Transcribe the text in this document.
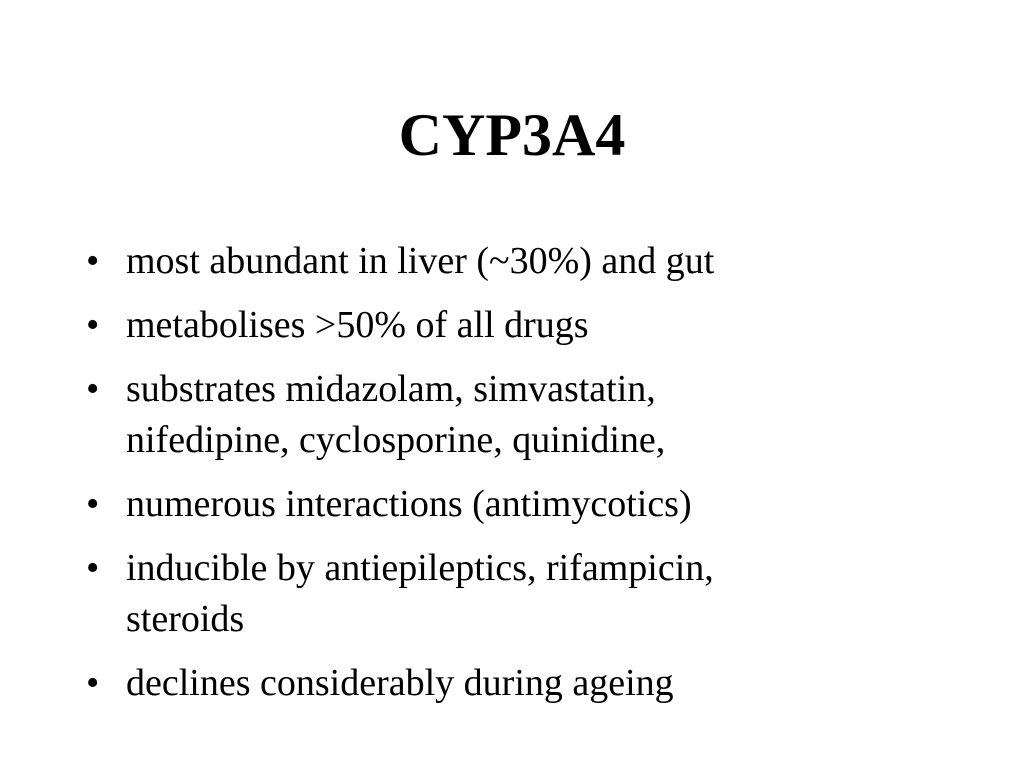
CYP3A4
• most abundant in liver (~30%) and gut
• metabolises >50% of all drugs
• substrates midazolam, simvastatin,
nifedipine, cyclosporine, quinidine,
• numerous interactions (antimycotics)
• inducible by antiepileptics, rifampicin,
steroids
• declines considerably during ageing
